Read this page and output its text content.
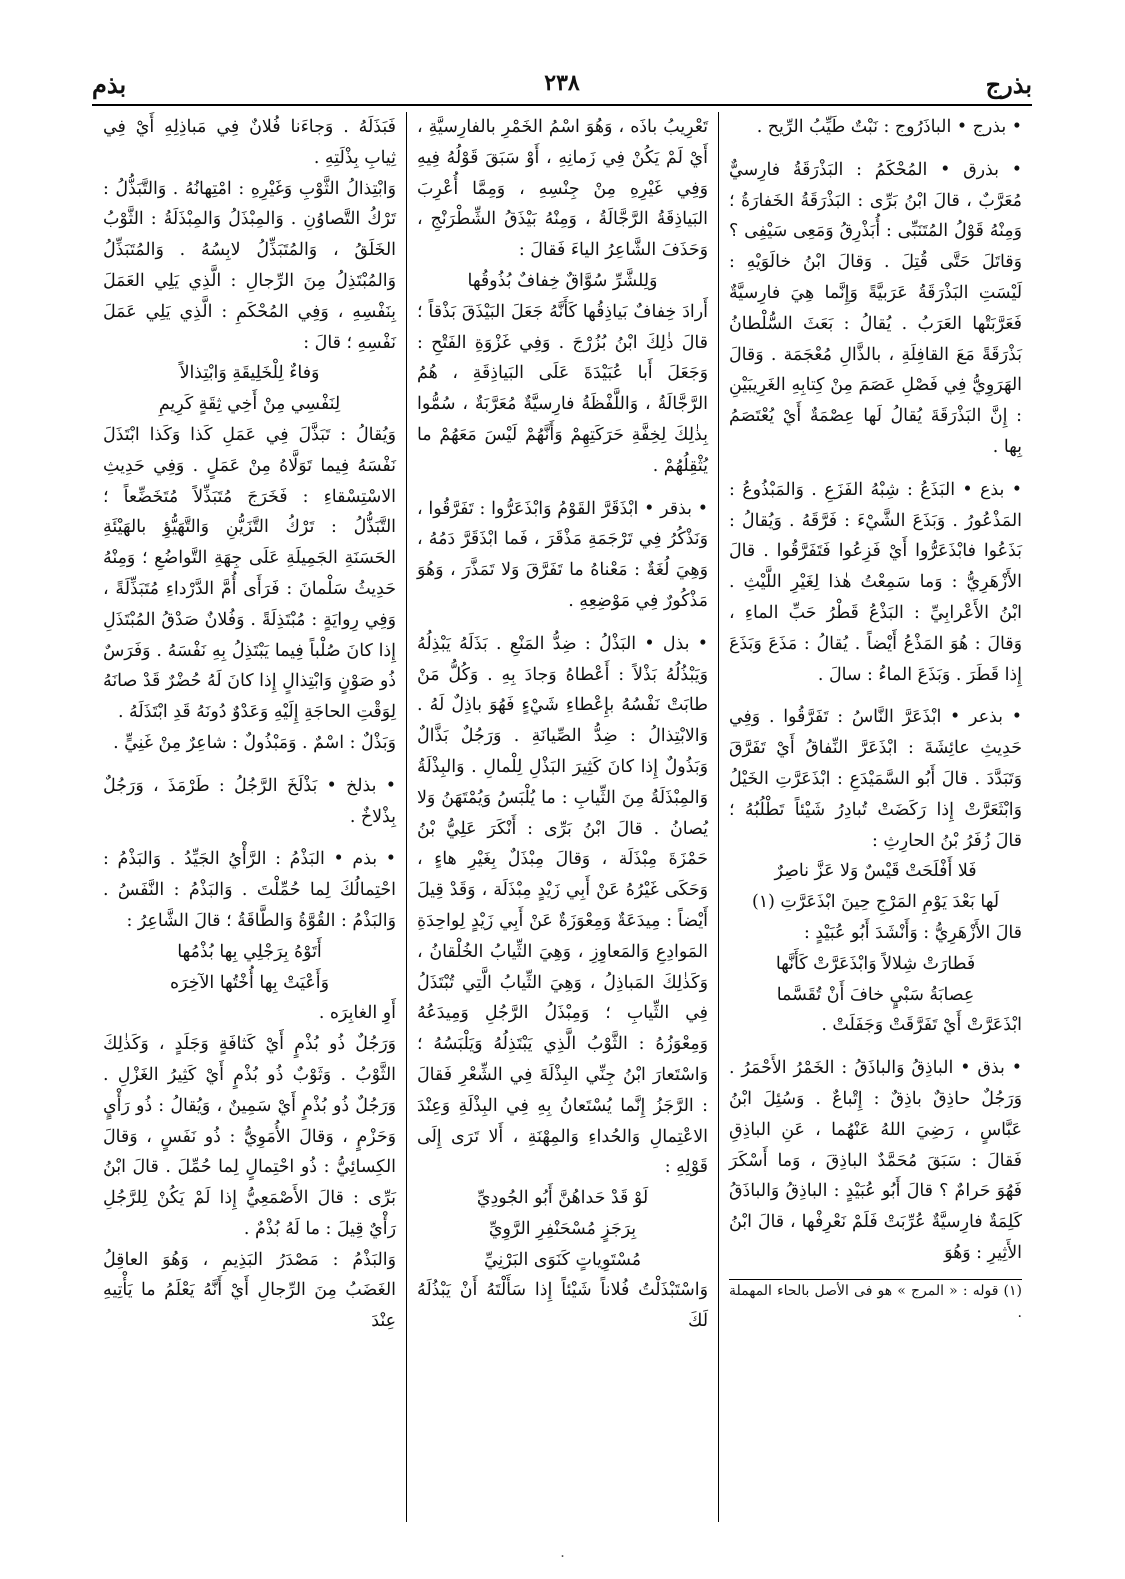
بذرج
٢٣٨
بذم

• بذرج • الباذَرُوج : نَبْتٌ طَيِّبُ الرِّيح .

• بذرق • المُحْكَمُ : البَذْرَقَةُ فارِسيٌّ مُعَرَّبٌ ، قالَ ابْنُ بَرِّى : البَذْرَقَةُ الخَفارَةُ ؛ وَمِنْهُ قَوْلُ المُتَنَبِّى : أُبَذْرِقُ وَمَعِى سَيْفِى ؟ وَقاتَلَ حَتَّى قُتِلَ . وَقالَ ابْنُ خالَوَيْهِ : لَيْسَتِ البَذْرَقَةُ عَرَبيَّةً وَإِنَّما هِيَ فارِسيَّةٌ فَعَرَّبَتْها العَرَبُ . يُقالُ : بَعَثَ السُّلْطانُ بَذْرَقَةً مَعَ القافِلَةِ ، بالذَّالِ مُعْجَمَة . وَقالَ الهَرَوِيُّ فِي فَصْلِ عَصَمَ مِنْ كِتابِهِ الغَرِيبَيْنِ : إِنَّ البَذْرَقَةَ يُقالُ لَها عِصْمَةٌ أَيْ يُعْتَصَمُ بِها .

• بذع • البَذَعُ : شِبْهُ الفَزَعِ . وَالمَبْذُوعُ : المَذْعُورُ . وَبَذَعَ الشَّيْءَ : فَرَّقَهُ . وَيُقالُ : بَذَعُوا فابْذَعَرُّوا أَيْ فَزِعُوا فَتَفَرَّقُوا . قالَ الأَزْهَرِيُّ : وَما سَمِعْتُ هٰذا لِغَيْرِ اللَّيْثِ . ابْنُ الأَعْرابِيِّ : البَذْعُ قَطْرُ حَبِّ الماءِ ، وَقالَ : هُوَ المَذْعُ أَيْضاً . يُقالُ : مَذَعَ وَبَذَعَ إِذا قَطَرَ . وَبَذَعَ الماءُ : سالَ .

• بذعر • ابْذَعَرَّ النَّاسُ : تَفَرَّقُوا . وَفِي حَدِيثِ عائِشَةَ : ابْذَعَرَّ النِّفاقُ أَيْ تَفَرَّقَ وَتَبَدَّدَ . قالَ أَبُو السَّمَيْدَعِ : ابْذَعَرَّتِ الخَيْلُ وَابْثَعَرَّتْ إِذا رَكَضَتْ تُبادِرُ شَيْئاً تَطْلُبُهُ ؛ قالَ زُفَرُ بْنُ الحارِثِ :

فَلا أَفْلَحَتْ قَيْسٌ وَلا عَزَّ ناصِرٌ

لَها بَعْدَ يَوْمِ المَرْجِ حِينَ ابْذَعَرَّتِ (١)

قالَ الأَزْهَرِيُّ : وَأَنْشَدَ أَبُو عُبَيْدٍ :

فَطارَتْ شِلالاً وَابْذَعَرَّتْ كَأَنَّها

عِصابَةُ سَبْيٍ خافَ أَنْ تُقَسَّما

ابْذَعَرَّتْ أَيْ تَفَرَّقَتْ وَجَفَلَتْ .

• بذق • الباذِقُ وَالباذَقُ : الخَمْرُ الأَحْمَرُ . وَرَجُلٌ حاذِقٌ باذِقٌ : إِتْباعٌ . وَسُئِلَ ابْنُ عَبَّاسٍ ، رَضِيَ اللهُ عَنْهُما ، عَنِ الباذِقِ فَقالَ : سَبَقَ مُحَمَّدٌ الباذِقَ ، وَما أَسْكَرَ فَهُوَ حَرامٌ ؟ قالَ أَبُو عُبَيْدٍ : الباذِقُ وَالباذَقُ كَلِمَةٌ فارِسيَّةٌ عُرِّبَتْ فَلَمْ نَعْرِفْها ، قالَ ابْنُ الأَثِيرِ : وَهُوَ

(١) قوله : « المرج » هو فى الأصل بالحاء المهملة .

تَعْرِيبُ باذَه ، وَهُوَ اسْمُ الخَمْرِ بالفارِسيَّةِ ، أَيْ لَمْ يَكُنْ فِي زَمانِهِ ، أَوْ سَبَقَ قَوْلُهُ فِيهِ وَفِي غَيْرِهِ مِنْ جِنْسِهِ ، وَمِمَّا أُعْرِبَ البَياذِقَةُ الرَّجَّالَةُ ، وَمِنْهُ بَيْذَقُ الشِّطْرَنْجِ ، وَحَذَفَ الشَّاعِرُ الياءَ فَقالَ :

وَلِلشَّرِّ سُوَّاقٌ خِفافٌ بُذُوقُها

أَرادَ خِفافٌ بَياذِقُها كَأَنَّهُ جَعَلَ البَيْذَقَ بَذْقاً ؛ قالَ ذٰلِكَ ابْنُ بُزُرْجَ . وَفِي غَزْوَةِ الفَتْحِ : وَجَعَلَ أَبا عُبَيْدَةَ عَلَى البَياذِقَةِ ، هُمُ الرَّجَّالَةُ ، وَاللَّفْظَةُ فارِسيَّةٌ مُعَرَّبَةٌ ، سُمُّوا بِذٰلِكَ لِخِفَّةِ حَرَكَتِهِمْ وَأَنَّهُمْ لَيْسَ مَعَهُمْ ما يُثْقِلُهُمْ .

• بذقر • ابْذَقَرَّ القَوْمُ وَابْذَعَرُّوا : تَفَرَّقُوا ، وَنَذْكُرُ فِي تَرْجَمَةِ مَذْقَرَ ، فَما ابْذَقَرَّ دَمُهُ ، وَهِيَ لُغَةٌ : مَعْناهُ ما تَفَرَّقَ وَلا تَمَذَّرَ ، وَهُوَ مَذْكُورٌ فِي مَوْضِعِهِ .

• بذل • البَذْلُ : ضِدُّ المَنْعِ . بَذَلَهُ يَبْذِلُهُ وَيَبْذُلُهُ بَذْلاً : أَعْطاهُ وَجادَ بِهِ . وَكُلُّ مَنْ طابَتْ نَفْسُهُ بإِعْطاءِ شَيْءٍ فَهُوَ باذِلٌ لَهُ . وَالابْتِذالُ : ضِدُّ الصِّيانَةِ . وَرَجُلٌ بَذَّالٌ وَبَذُولٌ إِذا كانَ كَثِيرَ البَذْلِ لِلْمالِ . وَالبِذْلَةُ وَالمِبْذَلَةُ مِنَ الثِّيابِ : ما يُلْبَسُ وَيُمْتَهَنُ وَلا يُصانُ . قالَ ابْنُ بَرِّى : أَنْكَرَ عَلِيُّ بْنُ حَمْزَةَ مِبْذَلَة ، وَقالَ مِبْذَلٌ بِغَيْرِ هاءٍ ، وَحَكَى غَيْرُهُ عَنْ أَبِي زَيْدٍ مِبْذَلَة ، وَقَدْ قِيلَ أَيْضاً : مِيدَعَةٌ وَمِعْوَزَةٌ عَنْ أَبِي زَيْدٍ لِواحِدَةِ المَوادِعِ وَالمَعاوِزِ ، وَهِيَ الثِّيابُ الخُلْقانُ ، وَكَذٰلِكَ المَباذِلُ ، وَهِيَ الثِّيابُ الَّتِي تُبْتَذَلُ فِي الثِّيابِ ؛ وَمِبْذَلُ الرَّجُلِ وَمِيدَعُهُ وَمِعْوَزُهُ : الثَّوْبُ الَّذِي يَبْتَذِلُهُ وَيَلْبَسُهُ ؛ وَاسْتَعارَ ابْنُ جِنِّي البِذْلَةَ فِي الشِّعْرِ فَقالَ : الرَّجَزُ إِنَّما يُسْتَعانُ بِهِ فِي البِذْلَةِ وَعِنْدَ الاعْتِمالِ وَالحُداءِ وَالمِهْنَةِ ، أَلا تَرَى إِلَى قَوْلِهِ :

لَوْ قَدْ حَداهُنَّ أَبُو الجُودِيِّ

بِرَجَزٍ مُسْحَنْفِرِ الرَّوِيِّ

مُسْتَوِياتٍ كَنَوَى البَرْنِيِّ

وَاسْتَبْذَلْتُ فُلاناً شَيْئاً إِذا سَأَلْتَهُ أَنْ يَبْذُلَهُ لَكَ

فَبَذَلَهُ . وَجاءَنا فُلانٌ فِي مَباذِلِهِ أَيْ فِي ثِيابِ بِذْلَتِهِ .

وَابْتِذالُ الثَّوْبِ وَغَيْرِهِ : امْتِهانُهُ . وَالتَّبَذُّلُ : تَرْكُ التَّصاوُنِ . وَالمِبْذَلُ وَالمِبْذَلَةُ : الثَّوْبُ الخَلَقُ ، وَالمُتَبَذِّلُ لابِسُهُ . وَالمُتَبَذِّلُ وَالمُبْتَذِلُ مِنَ الرِّجالِ : الَّذِي يَلِي العَمَلَ بِنَفْسِهِ ، وَفِي المُحْكَمِ : الَّذِي يَلِي عَمَلَ نَفْسِهِ ؛ قالَ :

وَفاءٌ لِلْخَلِيقَةِ وَابْتِذالاً

لِنَفْسِي مِنْ أَخِي ثِقَةٍ كَرِيمِ

وَيُقالُ : تَبَذَّلَ فِي عَمَلِ كَذا وَكَذا ابْتَذَلَ نَفْسَهُ فِيما تَوَلَّاهُ مِنْ عَمَلٍ . وَفِي حَدِيثِ الاسْتِسْقاءِ : فَخَرَجَ مُتَبَذِّلاً مُتَخَضِّعاً ؛ التَّبَذُّلُ : تَرْكُ التَّزَيُّنِ وَالتَّهَيُّؤِ بالهَيْئَةِ الحَسَنَةِ الجَمِيلَةِ عَلَى جِهَةِ التَّواضُعِ ؛ وَمِنْهُ حَدِيثُ سَلْمانَ : فَرَأَى أُمَّ الدَّرْداءِ مُتَبَذِّلَةً ، وَفِي رِوايَةٍ : مُبْتَذِلَةً . وَفُلانٌ صَدْقُ المُبْتَذَلِ إِذا كانَ صُلْباً فِيما يَبْتَذِلُ بِهِ نَفْسَهُ . وَفَرَسٌ ذُو صَوْنٍ وَابْتِذالٍ إِذا كانَ لَهُ حُضْرٌ قَدْ صانَهُ لِوَقْتِ الحاجَةِ إِلَيْهِ وَعَدْوٌ دُونَهُ قَدِ ابْتَذَلَهُ .

وَبَذْلٌ : اسْمٌ . وَمَبْذُولٌ : شاعِرٌ مِنْ غَنِيٍّ .

• بذلخ • بَذْلَخَ الرَّجُلُ : طَرْمَذَ ، وَرَجُلٌ بِذْلاخٌ .

• بذم • البَذْمُ : الرَّأْيُ الجَيِّدُ . وَالبَذْمُ : احْتِمالُكَ لِما حُمِّلْتَ . وَالبَذْمُ : النَّفَسُ . وَالبَذْمُ : القُوَّةُ وَالطَّاقَةُ ؛ قالَ الشَّاعِرُ :

أَتَوْهُ بِرَجْلِي بِها بُذْمُها

وَأَعْيَتْ بِها أُخْتُها الآخِرَه

أَوِ الغابِرَه .

وَرَجُلٌ ذُو بُذْمٍ أَيْ كَثافَةٍ وَجَلَدٍ ، وَكَذٰلِكَ الثَّوْبُ . وَثَوْبٌ ذُو بُذْمٍ أَيْ كَثِيرُ الغَزْلِ . وَرَجُلٌ ذُو بُذْمٍ أَيْ سَمِينٌ ، وَيُقالُ : ذُو رَأْيٍ وَحَزْمٍ ، وَقالَ الأُمَوِيُّ : ذُو نَفَسٍ ، وَقالَ الكِسائِيُّ : ذُو احْتِمالٍ لِما حُمِّلَ . قالَ ابْنُ بَرِّى : قالَ الأَصْمَعِيُّ إِذا لَمْ يَكُنْ لِلرَّجُلِ رَأْيٌ قِيلَ : ما لَهُ بُذْمٌ .

وَالبَذْمُ : مَصْدَرُ البَذِيمِ ، وَهُوَ العاقِلُ الغَضَبُ مِنَ الرِّجالِ أَيْ أَنَّهُ يَعْلَمُ ما يَأْتِيهِ عِنْدَ

٠
